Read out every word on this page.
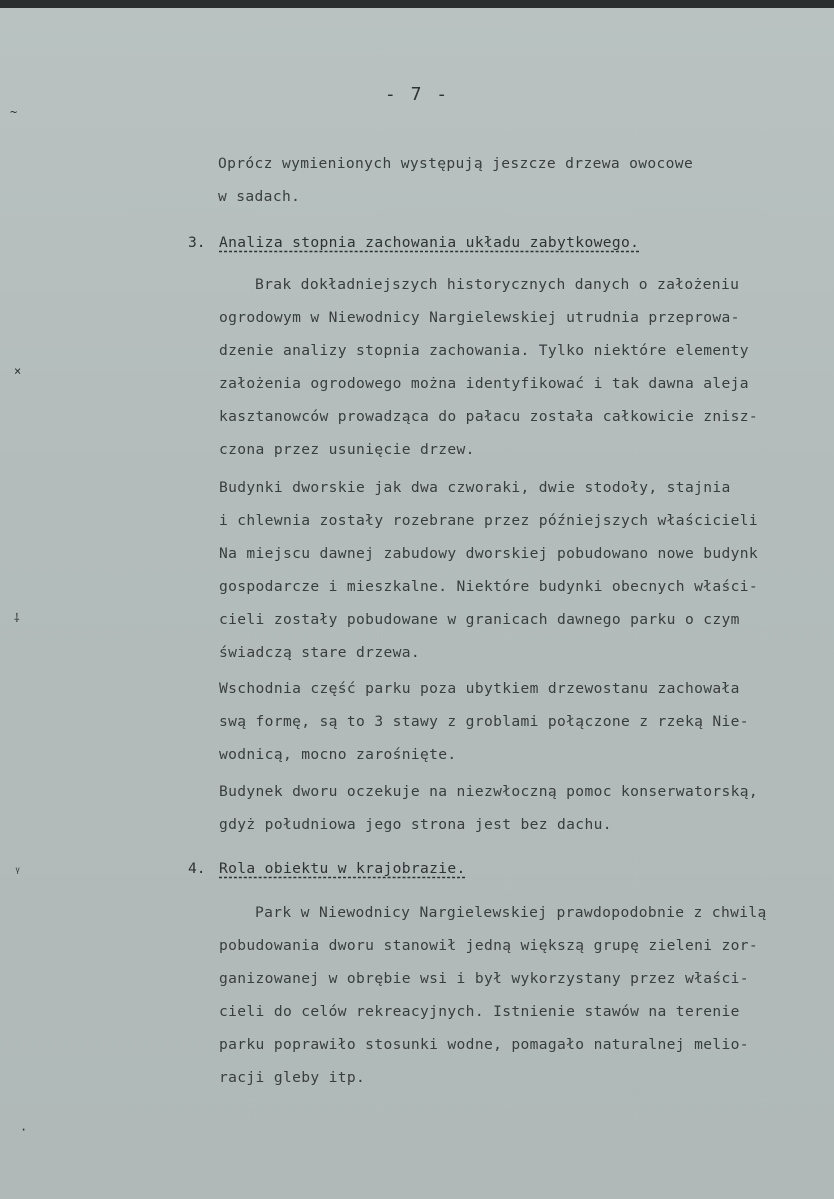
~
×
⸸
ᵞ
·
- 7 -
Oprócz wymienionych występują jeszcze drzewa owocowe
w sadach.
3. Analiza stopnia zachowania układu zabytkowego.
Brak dokładniejszych historycznych danych o założeniu
ogrodowym w Niewodnicy Nargielewskiej utrudnia przeprowa-
dzenie analizy stopnia zachowania. Tylko niektóre elementy
założenia ogrodowego można identyfikować i tak dawna aleja
kasztanowców prowadząca do pałacu została całkowicie znisz-
czona przez usunięcie drzew.
Budynki dworskie jak dwa czworaki, dwie stodoły, stajnia
i chlewnia zostały rozebrane przez późniejszych właścicieli
Na miejscu dawnej zabudowy dworskiej pobudowano nowe budynk
gospodarcze i mieszkalne. Niektóre budynki obecnych właści-
cieli zostały pobudowane w granicach dawnego parku o czym
świadczą stare drzewa.
Wschodnia część parku poza ubytkiem drzewostanu zachowała
swą formę, są to 3 stawy z groblami połączone z rzeką Nie-
wodnicą, mocno zarośnięte.
Budynek dworu oczekuje na niezwłoczną pomoc konserwatorską,
gdyż południowa jego strona jest bez dachu.
4. Rola obiektu w krajobrazie.
Park w Niewodnicy Nargielewskiej prawdopodobnie z chwilą
pobudowania dworu stanowił jedną większą grupę zieleni zor-
ganizowanej w obrębie wsi i był wykorzystany przez właści-
cieli do celów rekreacyjnych. Istnienie stawów na terenie
parku poprawiło stosunki wodne, pomagało naturalnej melio-
racji gleby itp.
